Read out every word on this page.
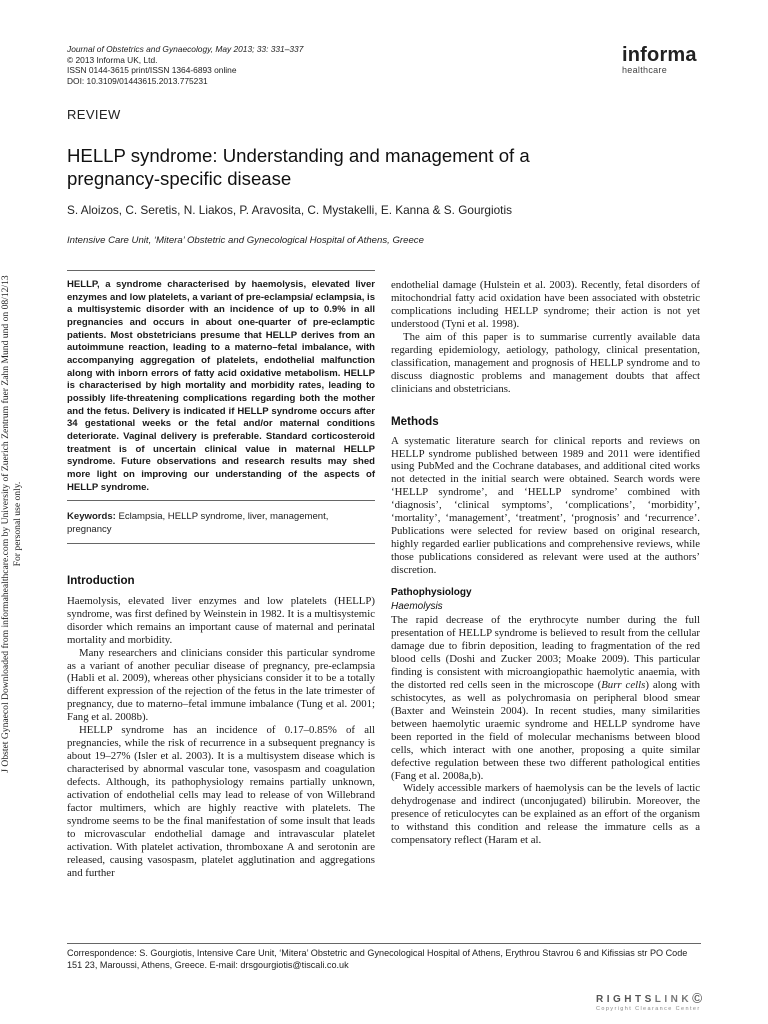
J Obstet Gynaecol Downloaded from informahealthcare.com by University of Zuerich Zentrum fuer Zahn Mund und on 08/12/13 For personal use only.
Journal of Obstetrics and Gynaecology, May 2013; 33: 331–337
© 2013 Informa UK, Ltd.
ISSN 0144-3615 print/ISSN 1364-6893 online
DOI: 10.3109/01443615.2013.775231
informa
healthcare
REVIEW
HELLP syndrome: Understanding and management of a pregnancy-specific disease
S. Aloizos, C. Seretis, N. Liakos, P. Aravosita, C. Mystakelli, E. Kanna & S. Gourgiotis
Intensive Care Unit, ‘Mitera’ Obstetric and Gynecological Hospital of Athens, Greece
HELLP, a syndrome characterised by haemolysis, elevated liver enzymes and low platelets, a variant of pre-eclampsia/ eclampsia, is a multisystemic disorder with an incidence of up to 0.9% in all pregnancies and occurs in about one-quarter of pre-eclamptic patients. Most obstetricians presume that HELLP derives from an autoimmune reaction, leading to a materno–fetal imbalance, with accompanying aggregation of platelets, endothelial malfunction along with inborn errors of fatty acid oxidative metabolism. HELLP is characterised by high mortality and morbidity rates, leading to possibly life-threatening complications regarding both the mother and the fetus. Delivery is indicated if HELLP syndrome occurs after 34 gestational weeks or the fetal and/or maternal conditions deteriorate. Vaginal delivery is preferable. Standard corticosteroid treatment is of uncertain clinical value in maternal HELLP syndrome. Future observations and research results may shed more light on improving our understanding of the aspects of HELLP syndrome.
Keywords: Eclampsia, HELLP syndrome, liver, management, pregnancy
Introduction

Haemolysis, elevated liver enzymes and low platelets (HELLP) syndrome, was first defined by Weinstein in 1982. It is a multisystemic disorder which remains an important cause of maternal and perinatal mortality and morbidity.

Many researchers and clinicians consider this particular syndrome as a variant of another peculiar disease of pregnancy, pre-eclampsia (Habli et al. 2009), whereas other physicians consider it to be a totally different expression of the rejection of the fetus in the late trimester of pregnancy, due to materno–fetal immune imbalance (Tung et al. 2001; Fang et al. 2008b).

HELLP syndrome has an incidence of 0.17–0.85% of all pregnancies, while the risk of recurrence in a subsequent pregnancy is about 19–27% (Isler et al. 2003). It is a multisystem disease which is characterised by abnormal vascular tone, vasospasm and coagulation defects. Although, its pathophysiology remains partially unknown, activation of endothelial cells may lead to release of von Willebrand factor multimers, which are highly reactive with platelets. The syndrome seems to be the final manifestation of some insult that leads to microvascular endothelial damage and intravascular platelet activation. With platelet activation, thromboxane A and serotonin are released, causing vasospasm, platelet agglutination and aggregations and further

endothelial damage (Hulstein et al. 2003). Recently, fetal disorders of mitochondrial fatty acid oxidation have been associated with obstetric complications including HELLP syndrome; their action is not yet understood (Tyni et al. 1998).

The aim of this paper is to summarise currently available data regarding epidemiology, aetiology, pathology, clinical presentation, classification, management and prognosis of HELLP syndrome and to discuss diagnostic problems and management doubts that affect clinicians and obstetricians.

Methods

A systematic literature search for clinical reports and reviews on HELLP syndrome published between 1989 and 2011 were identified using PubMed and the Cochrane databases, and additional cited works not detected in the initial search were obtained. Search words were ‘HELLP syndrome’, and ‘HELLP syndrome’ combined with ‘diagnosis’, ‘clinical symptoms’, ‘complications’, ‘morbidity’, ‘mortality’, ‘management’, ‘treatment’, ‘prognosis’ and ‘recurrence’. Publications were selected for review based on original research, highly regarded earlier publications and comprehensive reviews, while those publications considered as relevant were used at the authors’ discretion.

Pathophysiology
Haemolysis

The rapid decrease of the erythrocyte number during the full presentation of HELLP syndrome is believed to result from the cellular damage due to fibrin deposition, leading to fragmentation of the red blood cells (Doshi and Zucker 2003; Moake 2009). This particular finding is consistent with microangiopathic haemolytic anaemia, with the distorted red cells seen in the microscope (Burr cells) along with schistocytes, as well as polychromasia on peripheral blood smear (Baxter and Weinstein 2004). In recent studies, many similarities between haemolytic uraemic syndrome and HELLP syndrome have been reported in the field of molecular mechanisms between blood cells, which interact with one another, proposing a quite similar defective regulation between these two different pathological entities (Fang et al. 2008a,b).

Widely accessible markers of haemolysis can be the levels of lactic dehydrogenase and indirect (unconjugated) bilirubin. Moreover, the presence of reticulocytes can be explained as an effort of the organism to withstand this condition and release the immature cells as a compensatory reflect (Haram et al.

Correspondence: S. Gourgiotis, Intensive Care Unit, ‘Mitera’ Obstetric and Gynecological Hospital of Athens, Erythrou Stavrou 6 and Kifissias str PO Code 151 23, Maroussi, Athens, Greece. E-mail: drsgourgiotis@tiscali.co.uk
RIGHTSLINKⒸ
Copyright Clearance Center
